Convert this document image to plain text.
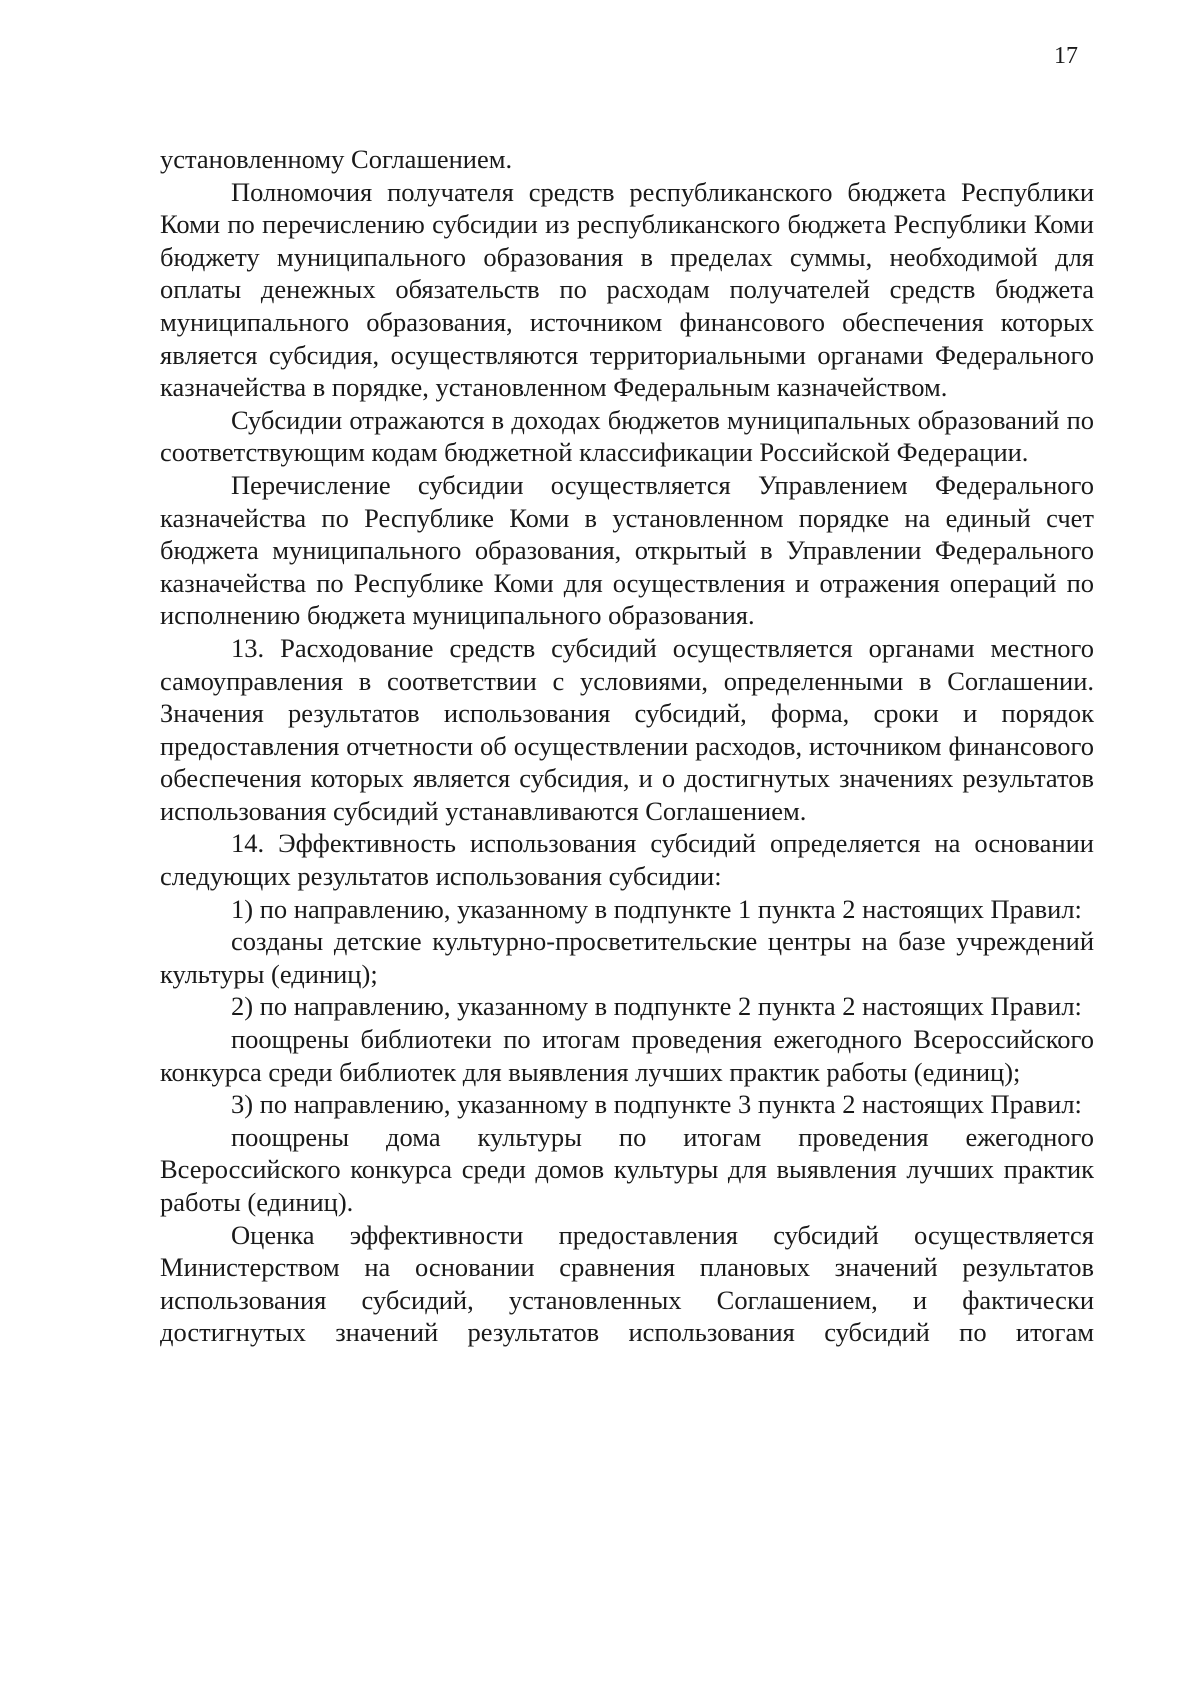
17

установленному Соглашением.

Полномочия получателя средств республиканского бюджета Республики Коми по перечислению субсидии из республиканского бюджета Республики Коми бюджету муниципального образования в пределах суммы, необходимой для оплаты денежных обязательств по расходам получателей средств бюджета муниципального образования, источником финансового обеспечения которых является субсидия, осуществляются территориальными органами Федерального казначейства в порядке, установленном Федеральным казначейством.

Субсидии отражаются в доходах бюджетов муниципальных образований по соответствующим кодам бюджетной классификации Российской Федерации.

Перечисление субсидии осуществляется Управлением Федерального казначейства по Республике Коми в установленном порядке на единый счет бюджета муниципального образования, открытый в Управлении Федерального казначейства по Республике Коми для осуществления и отражения операций по исполнению бюджета муниципального образования.

13. Расходование средств субсидий осуществляется органами местного самоуправления в соответствии с условиями, определенными в Соглашении. Значения результатов использования субсидий, форма, сроки и порядок предоставления отчетности об осуществлении расходов, источником финансового обеспечения которых является субсидия, и о достигнутых значениях результатов использования субсидий устанавливаются Соглашением.

14. Эффективность использования субсидий определяется на основании следующих результатов использования субсидии:

1) по направлению, указанному в подпункте 1 пункта 2 настоящих Правил:

созданы детские культурно-просветительские центры на базе учреждений культуры (единиц);

2) по направлению, указанному в подпункте 2 пункта 2 настоящих Правил:

поощрены библиотеки по итогам проведения ежегодного Всероссийского конкурса среди библиотек для выявления лучших практик работы (единиц);

3) по направлению, указанному в подпункте 3 пункта 2 настоящих Правил:

поощрены дома культуры по итогам проведения ежегодного Всероссийского конкурса среди домов культуры для выявления лучших практик работы (единиц).

Оценка эффективности предоставления субсидий осуществляется Министерством на основании сравнения плановых значений результатов использования субсидий, установленных Соглашением, и фактически достигнутых значений результатов использования субсидий по итогам
